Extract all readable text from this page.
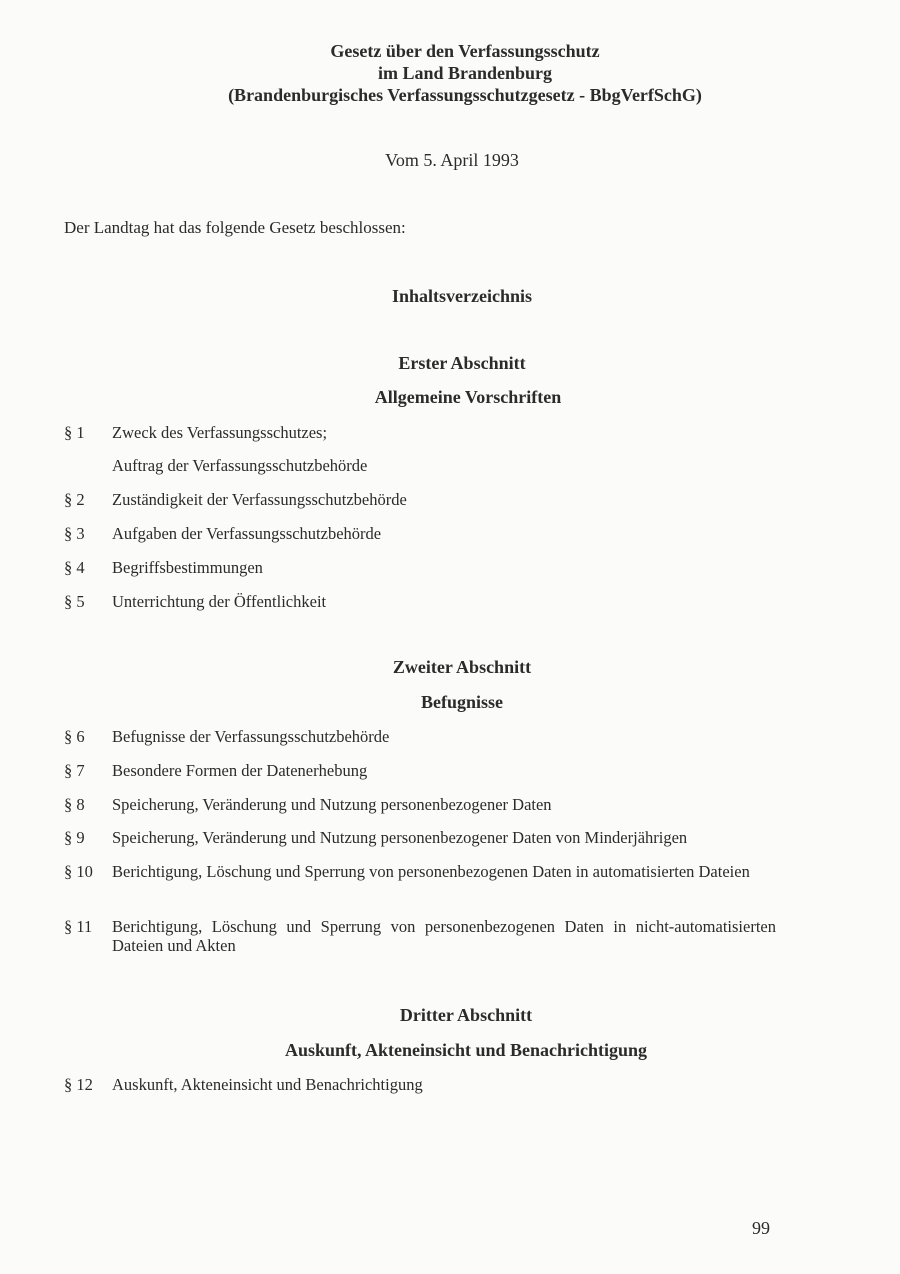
Gesetz über den Verfassungsschutz
im Land Brandenburg
(Brandenburgisches Verfassungsschutzgesetz - BbgVerfSchG)
Vom 5. April 1993
Der Landtag hat das folgende Gesetz beschlossen:
Inhaltsverzeichnis
Erster Abschnitt
Allgemeine Vorschriften
§ 1	Zweck des Verfassungsschutzes;
Auftrag der Verfassungsschutzbehörde
§ 2	Zuständigkeit der Verfassungsschutzbehörde
§ 3	Aufgaben der Verfassungsschutzbehörde
§ 4	Begriffsbestimmungen
§ 5	Unterrichtung der Öffentlichkeit
Zweiter Abschnitt
Befugnisse
§ 6	Befugnisse der Verfassungsschutzbehörde
§ 7	Besondere Formen der Datenerhebung
§ 8	Speicherung, Veränderung und Nutzung personenbezogener Daten
§ 9	Speicherung, Veränderung und Nutzung personenbezogener Daten von Minderjährigen
§ 10	Berichtigung, Löschung und Sperrung von personenbezogenen Daten in automatisierten Dateien
§ 11	Berichtigung, Löschung und Sperrung von personenbezogenen Daten in nicht-automatisierten Dateien und Akten
Dritter Abschnitt
Auskunft, Akteneinsicht und Benachrichtigung
§ 12	Auskunft, Akteneinsicht und Benachrichtigung
99
